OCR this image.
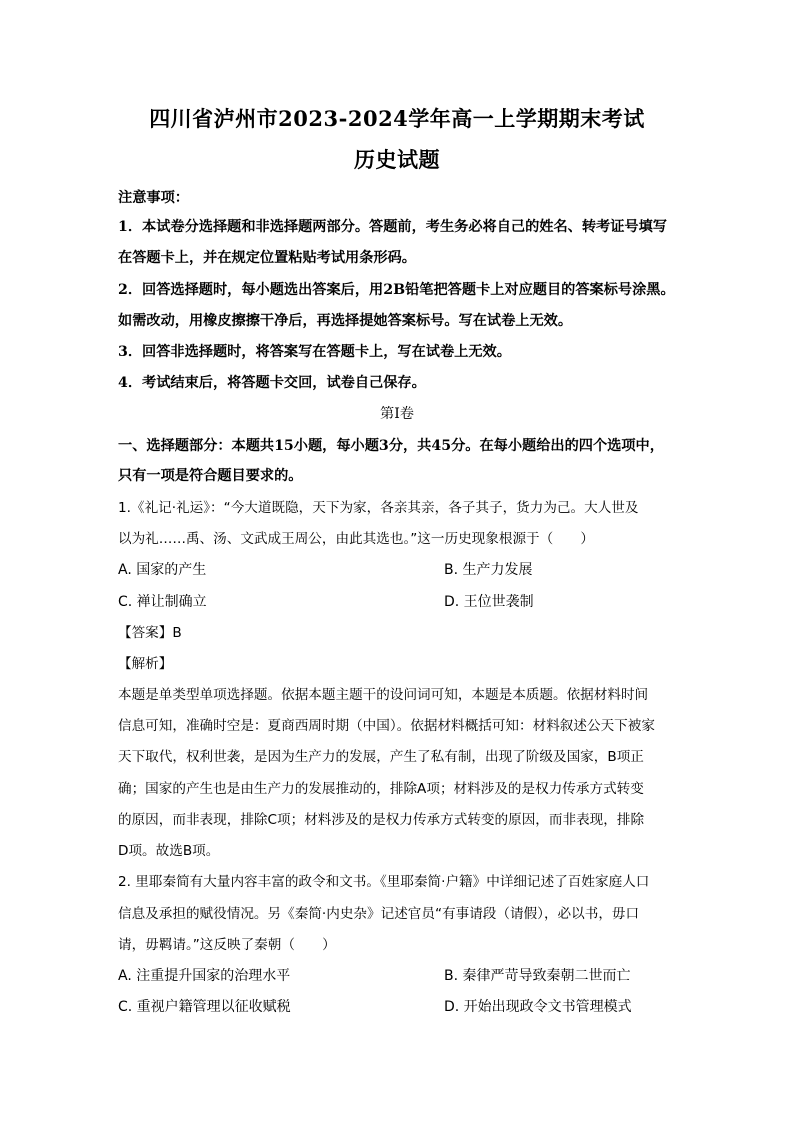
四川省泸州市2023-2024学年高一上学期期末考试
历史试题
注意事项：
1．本试卷分选择题和非选择题两部分。答题前，考生务必将自己的姓名、转考证号填写
在答题卡上，并在规定位置粘贴考试用条形码。
2．回答选择题时，每小题选出答案后，用2B铅笔把答题卡上对应题目的答案标号涂黑。
如需改动，用橡皮擦擦干净后，再选择提她答案标号。写在试卷上无效。
3．回答非选择题时，将答案写在答题卡上，写在试卷上无效。
4．考试结束后，将答题卡交回，试卷自己保存。
第Ⅰ卷
一、选择题部分：本题共15小题，每小题3分，共45分。在每小题给出的四个选项中，
只有一项是符合题目要求的。
1.《礼记·礼运》：“今大道既隐，天下为家，各亲其亲，各子其子，货力为己。大人世及
以为礼……禹、汤、文武成王周公，由此其选也。”这一历史现象根源于（　　）
A. 国家的产生	B. 生产力发展
C. 禅让制确立	D. 王位世袭制
【答案】B
【解析】
本题是单类型单项选择题。依据本题主题干的设问词可知，本题是本质题。依据材料时间
信息可知，准确时空是：夏商西周时期（中国）。依据材料概括可知：材料叙述公天下被家
天下取代，权利世袭，是因为生产力的发展，产生了私有制，出现了阶级及国家，B项正
确；国家的产生也是由生产力的发展推动的，排除A项；材料涉及的是权力传承方式转变
的原因，而非表现，排除C项；材料涉及的是权力传承方式转变的原因，而非表现，排除
D项。故选B项。
2. 里耶秦简有大量内容丰富的政令和文书。《里耶秦简·户籍》中详细记述了百姓家庭人口
信息及承担的赋役情况。另《秦简·内史杂》记述官员“有事请段（请假），必以书，毋口
请，毋羁请。”这反映了秦朝（　　）
A. 注重提升国家的治理水平	B. 秦律严苛导致秦朝二世而亡
C. 重视户籍管理以征收赋税	D. 开始出现政令文书管理模式
